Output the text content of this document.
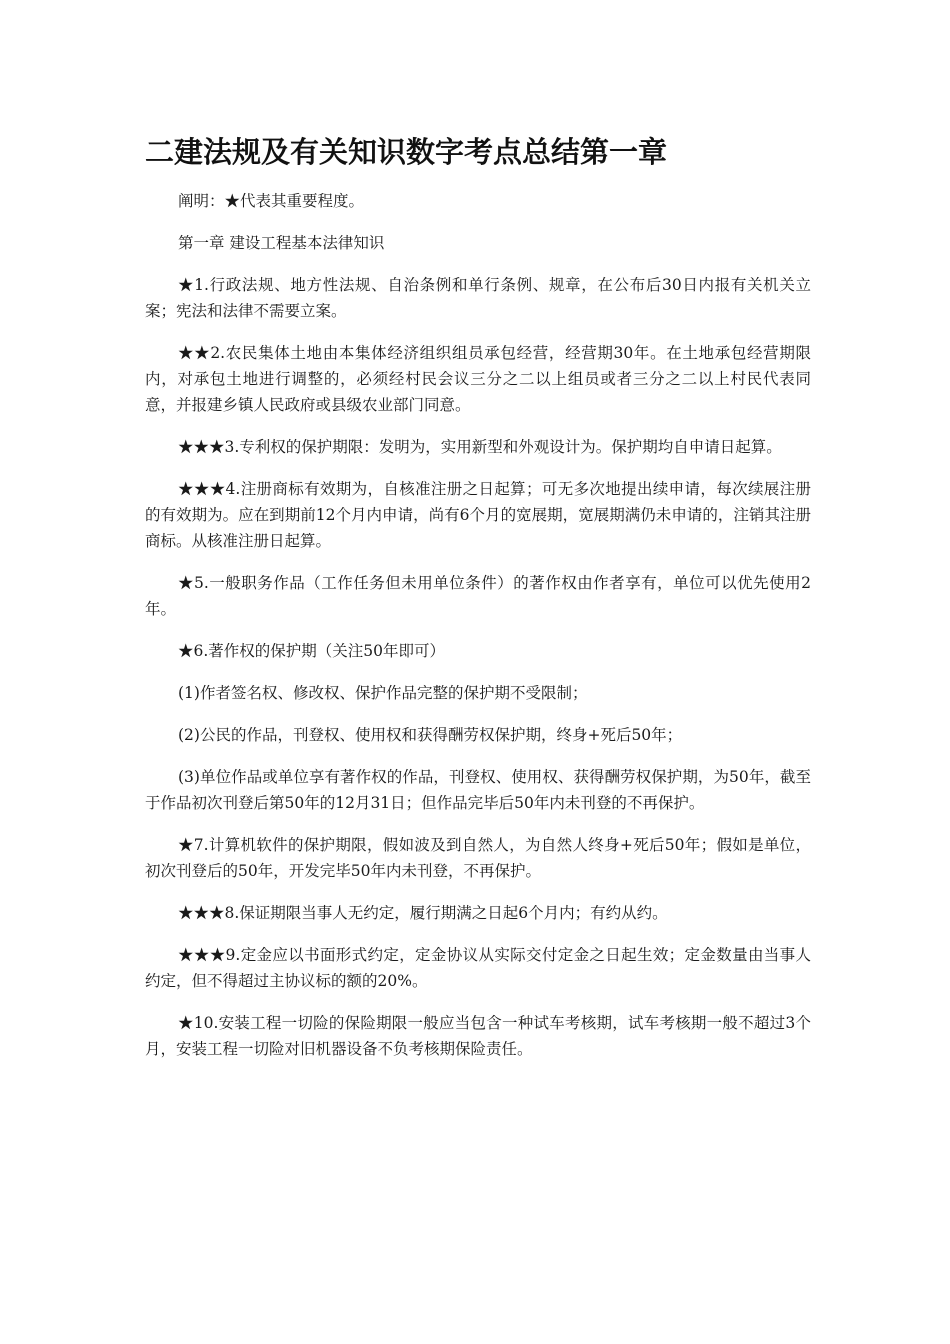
二建法规及有关知识数字考点总结第一章

阐明：★代表其重要程度。

第一章 建设工程基本法律知识

★1.行政法规、地方性法规、自治条例和单行条例、规章，在公布后30日内报有关机关立案；宪法和法律不需要立案。

★★2.农民集体土地由本集体经济组织组员承包经营，经营期30年。在土地承包经营期限内，对承包土地进行调整的，必须经村民会议三分之二以上组员或者三分之二以上村民代表同意，并报建乡镇人民政府或县级农业部门同意。

★★★3.专利权的保护期限：发明为，实用新型和外观设计为。保护期均自申请日起算。

★★★4.注册商标有效期为，自核准注册之日起算；可无多次地提出续申请，每次续展注册的有效期为。应在到期前12个月内申请，尚有6个月的宽展期，宽展期满仍未申请的，注销其注册商标。从核准注册日起算。

★5.一般职务作品（工作任务但未用单位条件）的著作权由作者享有，单位可以优先使用2年。

★6.著作权的保护期（关注50年即可）

(1)作者签名权、修改权、保护作品完整的保护期不受限制；

(2)公民的作品，刊登权、使用权和获得酬劳权保护期，终身+死后50年；

(3)单位作品或单位享有著作权的作品，刊登权、使用权、获得酬劳权保护期，为50年，截至于作品初次刊登后第50年的12月31日；但作品完毕后50年内未刊登的不再保护。

★7.计算机软件的保护期限，假如波及到自然人，为自然人终身+死后50年；假如是单位，初次刊登后的50年，开发完毕50年内未刊登，不再保护。

★★★8.保证期限当事人无约定，履行期满之日起6个月内；有约从约。

★★★9.定金应以书面形式约定，定金协议从实际交付定金之日起生效；定金数量由当事人约定，但不得超过主协议标的额的20%。

★10.安装工程一切险的保险期限一般应当包含一种试车考核期，试车考核期一般不超过3个月，安装工程一切险对旧机器设备不负考核期保险责任。
